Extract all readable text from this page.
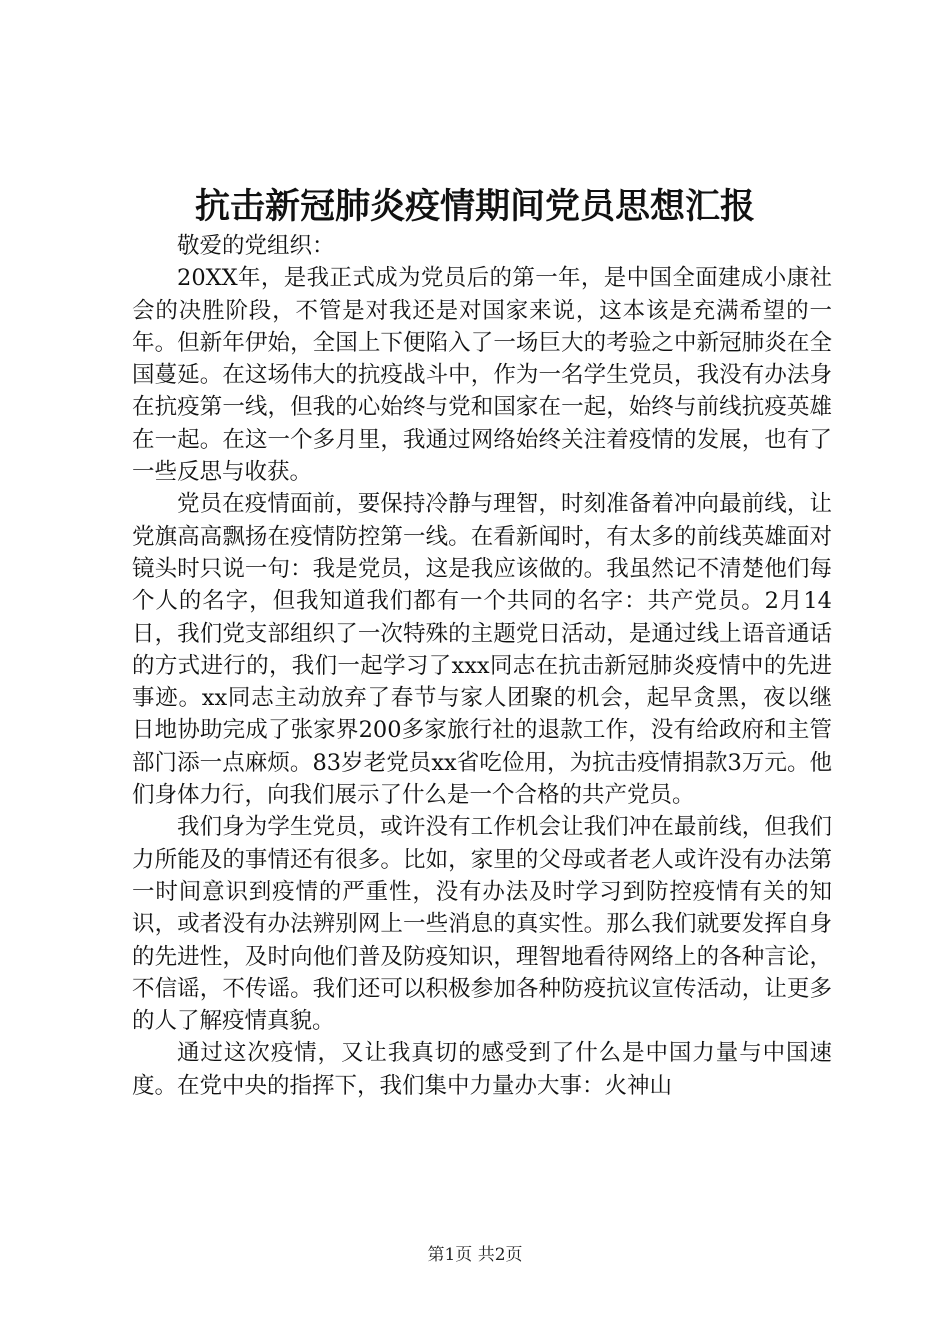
抗击新冠肺炎疫情期间党员思想汇报

敬爱的党组织：

20XX年，是我正式成为党员后的第一年，是中国全面建成小康社会的决胜阶段，不管是对我还是对国家来说，这本该是充满希望的一年。但新年伊始，全国上下便陷入了一场巨大的考验之中新冠肺炎在全国蔓延。在这场伟大的抗疫战斗中，作为一名学生党员，我没有办法身在抗疫第一线，但我的心始终与党和国家在一起，始终与前线抗疫英雄在一起。在这一个多月里，我通过网络始终关注着疫情的发展，也有了一些反思与收获。

党员在疫情面前，要保持冷静与理智，时刻准备着冲向最前线，让党旗高高飘扬在疫情防控第一线。在看新闻时，有太多的前线英雄面对镜头时只说一句：我是党员，这是我应该做的。我虽然记不清楚他们每个人的名字，但我知道我们都有一个共同的名字：共产党员。2月14日，我们党支部组织了一次特殊的主题党日活动，是通过线上语音通话的方式进行的，我们一起学习了xxx同志在抗击新冠肺炎疫情中的先进事迹。xx同志主动放弃了春节与家人团聚的机会，起早贪黑，夜以继日地协助完成了张家界200多家旅行社的退款工作，没有给政府和主管部门添一点麻烦。83岁老党员xx省吃俭用，为抗击疫情捐款3万元。他们身体力行，向我们展示了什么是一个合格的共产党员。

我们身为学生党员，或许没有工作机会让我们冲在最前线，但我们力所能及的事情还有很多。比如，家里的父母或者老人或许没有办法第一时间意识到疫情的严重性，没有办法及时学习到防控疫情有关的知识，或者没有办法辨别网上一些消息的真实性。那么我们就要发挥自身的先进性，及时向他们普及防疫知识，理智地看待网络上的各种言论，不信谣，不传谣。我们还可以积极参加各种防疫抗议宣传活动，让更多的人了解疫情真貌。

通过这次疫情，又让我真切的感受到了什么是中国力量与中国速度。在党中央的指挥下，我们集中力量办大事：火神山

第1页 共2页
